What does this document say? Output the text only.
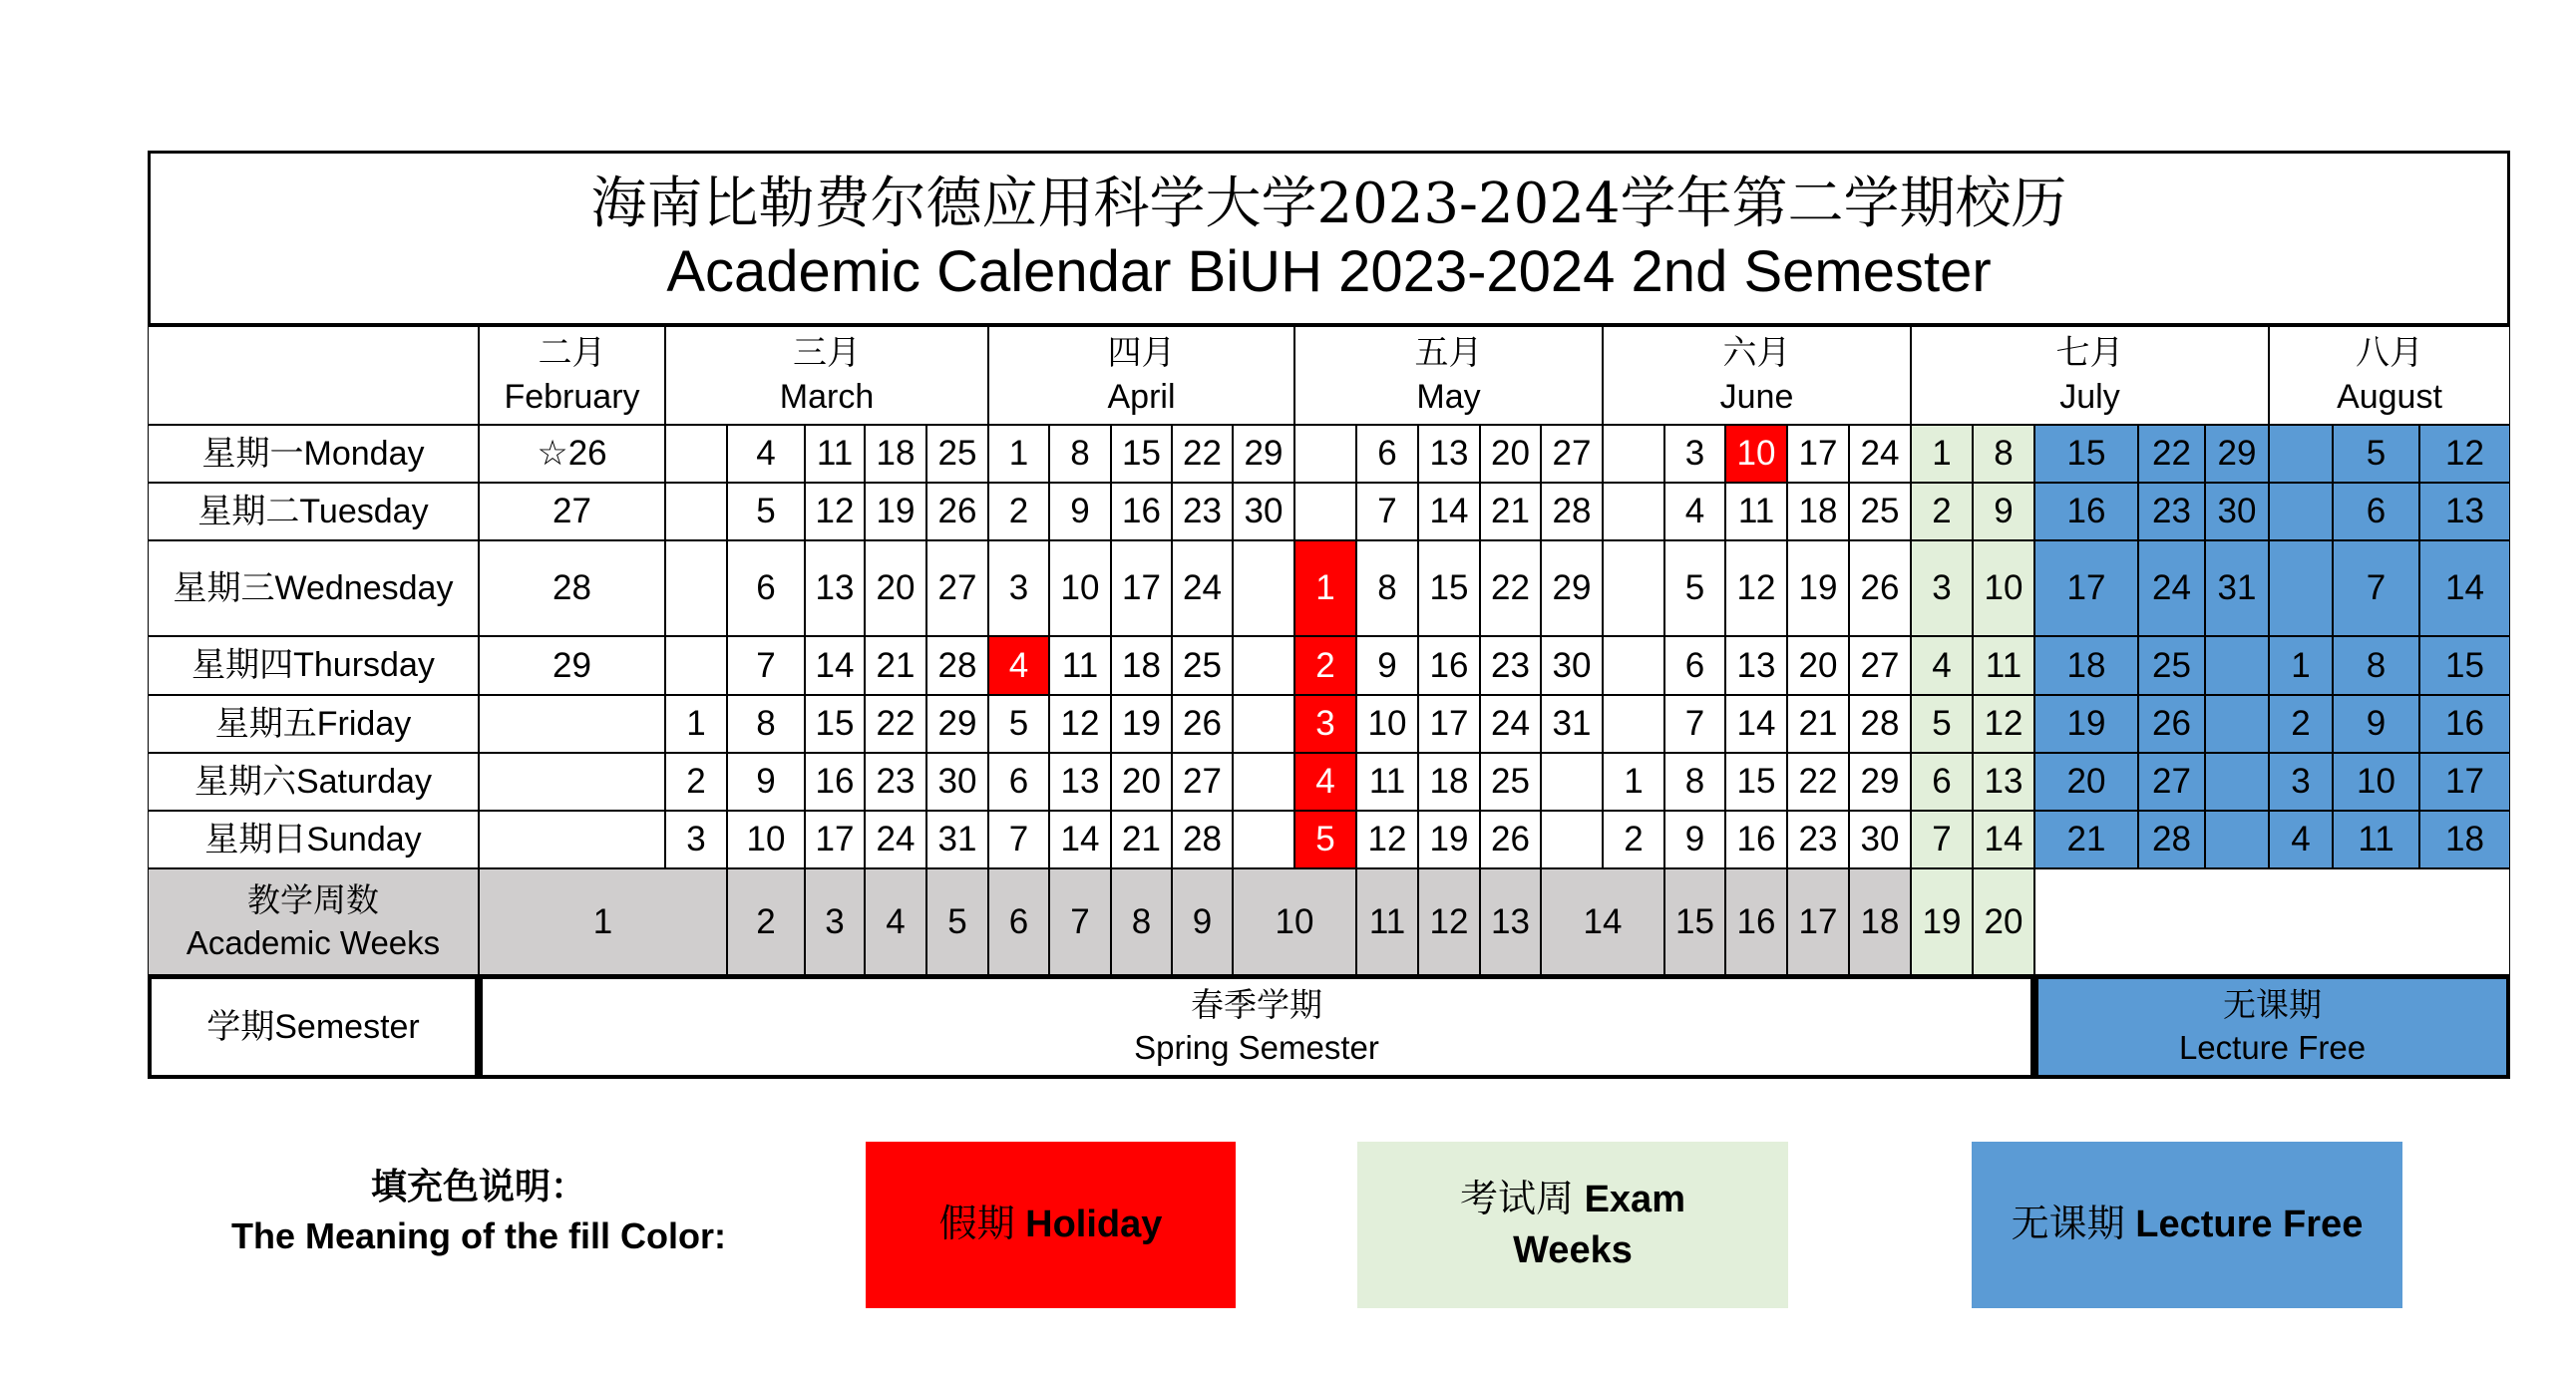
海南比勒费尔德应用科学大学2023-2024学年第二学期校历
Academic Calendar BiUH 2023-2024 2nd Semester
二月
February
三月
March
四月
April
五月
May
六月
June
七月
July
八月
August
星期一 Monday
星期二 Tuesday
星期三 Wednesday
星期四 Thursday
星期五 Friday
星期六 Saturday
星期日 Sunday
☆26
27
28
29
1
2
3
4
5
6
7
8
9
10
11
12
13
14
15
16
17
18
19
20
21
22
23
24
25
26
27
28
29
30
31
1
2
3
4
5
6
7
8
9
10
11
12
13
14
15
16
17
18
19
20
21
22
23
24
25
26
27
28
29
30
1
2
3
4
5
6
7
8
9
10
11
12
13
14
15
16
17
18
19
20
21
22
23
24
25
26
27
28
29
30
31
1
2
3
4
5
6
7
8
9
10
11
12
13
14
15
16
17
18
19
20
21
22
23
24
25
26
27
28
29
30
1
2
3
4
5
6
7
8
9
10
11
12
13
14
15
16
17
18
19
20
21
22
23
24
25
26
27
28
29
30
31
1
2
3
4
5
6
7
8
9
10
11
12
13
14
15
16
17
18
教学周数
Academic Weeks
1	2 3 4 5 6 7 8 9 10 11 12 13 14 15 16 17 18 19 20
学期 Semester
春季学期
Spring Semester
无课期
Lecture Free
填充色说明：
The Meaning of the fill Color:	假期 Holiday
考试周 Exam
Weeks
无课期 Lecture Free
